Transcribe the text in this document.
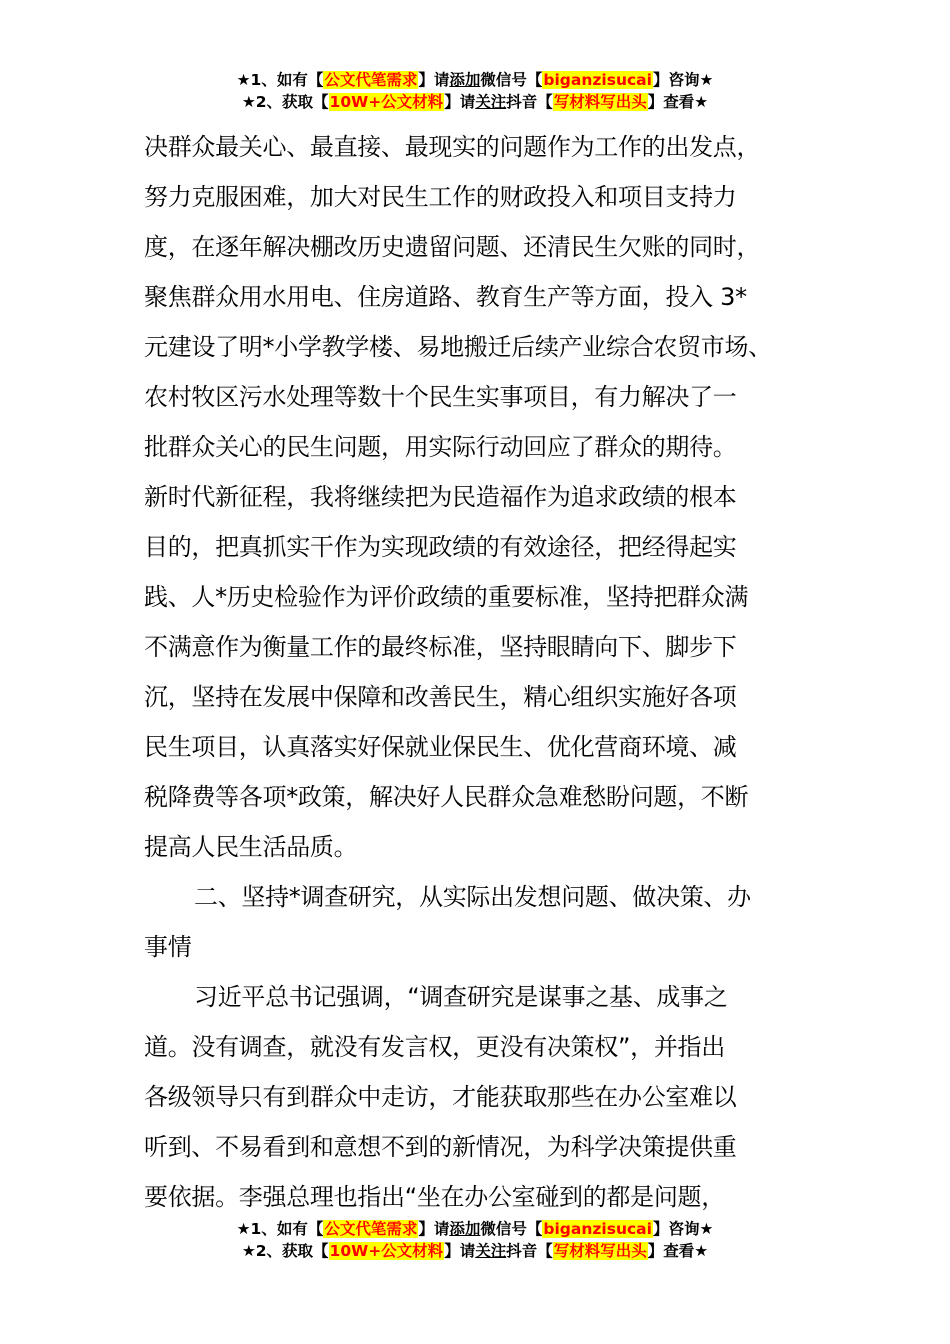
★1、如有【公文代笔需求】请添加微信号【biganzisucai】咨询★
★2、获取【10W+公文材料】请关注抖音【写材料写出头】查看★
决群众最关心、最直接、最现实的问题作为工作的出发点，
努力克服困难，加大对民生工作的财政投入和项目支持力
度，在逐年解决棚改历史遗留问题、还清民生欠账的同时，
聚焦群众用水用电、住房道路、教育生产等方面，投入 3*
元建设了明*小学教学楼、易地搬迁后续产业综合农贸市场、
农村牧区污水处理等数十个民生实事项目，有力解决了一
批群众关心的民生问题，用实际行动回应了群众的期待。
新时代新征程，我将继续把为民造福作为追求政绩的根本
目的，把真抓实干作为实现政绩的有效途径，把经得起实
践、人*历史检验作为评价政绩的重要标准，坚持把群众满
不满意作为衡量工作的最终标准，坚持眼睛向下、脚步下
沉，坚持在发展中保障和改善民生，精心组织实施好各项
民生项目，认真落实好保就业保民生、优化营商环境、减
税降费等各项*政策，解决好人民群众急难愁盼问题，不断
提高人民生活品质。
二、坚持*调查研究，从实际出发想问题、做决策、办
事情
习近平总书记强调，“调查研究是谋事之基、成事之
道。没有调查，就没有发言权，更没有决策权”，并指出
各级领导只有到群众中走访，才能获取那些在办公室难以
听到、不易看到和意想不到的新情况，为科学决策提供重
要依据。李强总理也指出“坐在办公室碰到的都是问题，
★1、如有【公文代笔需求】请添加微信号【biganzisucai】咨询★
★2、获取【10W+公文材料】请关注抖音【写材料写出头】查看★
